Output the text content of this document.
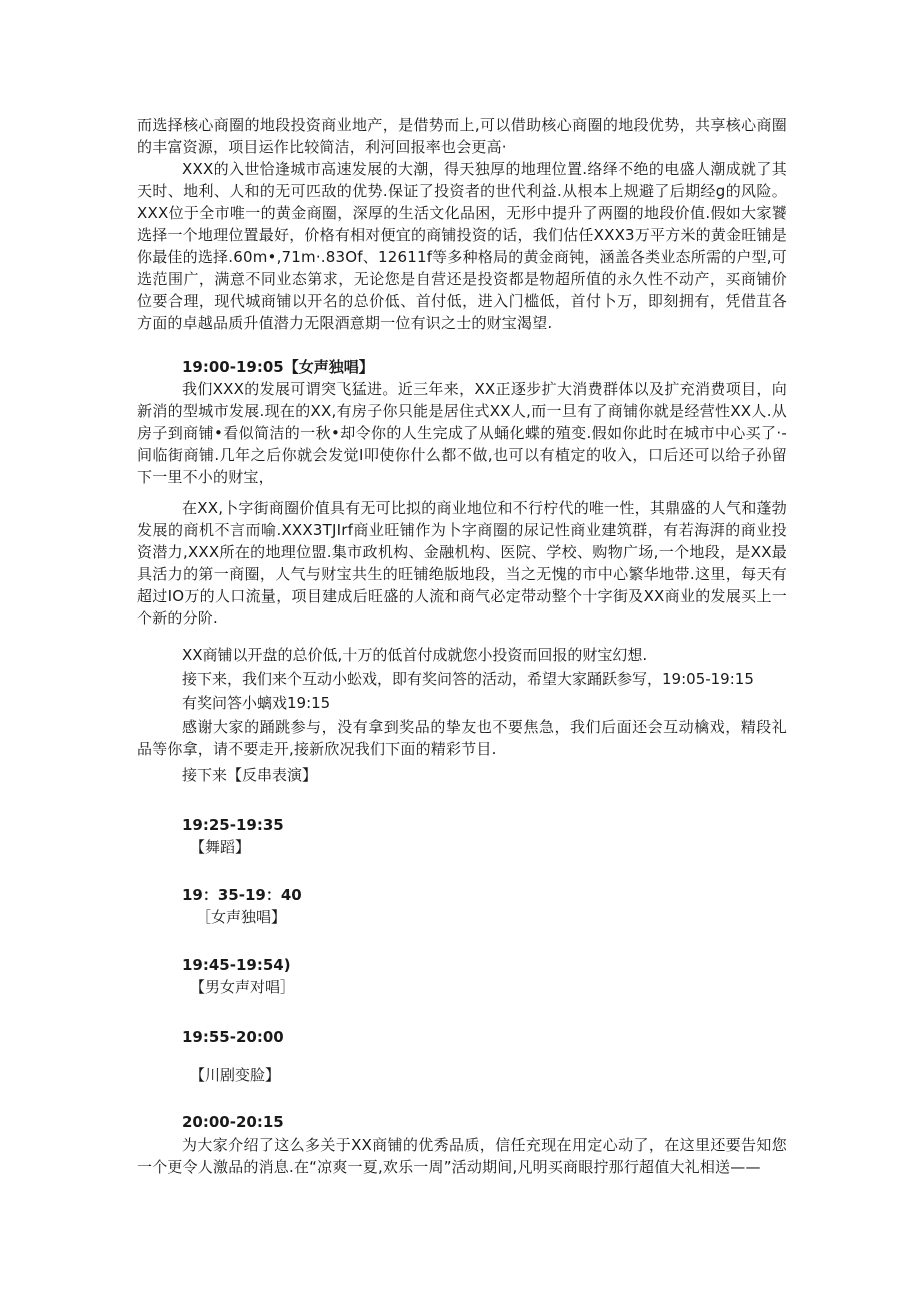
而选择核心商圈的地段投资商业地产，是借势而上,可以借助核心商圈的地段优势，共享核心商圈的丰富资源，项目运作比较简洁，利河回报率也会更高·

XXX的入世恰逢城市高速发展的大潮，得天独厚的地理位置.络绎不绝的电盛人潮成就了其天时、地利、人和的无可匹敌的优势.保证了投资者的世代利益.从根本上规避了后期经g的风险。XXX位于全市唯一的黄金商圈，深厚的生活文化品困，无形中提升了两圈的地段价值.假如大家饕选择一个地理位置最好，价格有相对便宜的商铺投资的话，我们估任XXX3万平方米的黄金旺铺是你最佳的选择.60m•,71m·.83Of、12611f等多种格局的黄金商钝，涵盖各类业态所需的户型,可选范围广，满意不同业态第求，无论您是自营还是投资都是物超所值的永久性不动产，买商铺价位要合理，现代城商铺以开名的总价低、首付低，进入门槛低，首付卜万，即刻拥有，凭借苴各方面的卓越品质升值潜力无限酒意期一位有识之士的财宝渴望.

19:00-19:05【女声独唱】

我们XXX的发展可谓突飞猛进。近三年来，XX正逐步扩大消费群体以及扩充消费项目，向新消的型城市发展.现在的XX,有房子你只能是居住式XX人,而一旦有了商铺你就是经营性XX人.从房子到商铺•看似简洁的一秋•却令你的人生完成了从蛹化蝶的殖变.假如你此时在城市中心买了·-间临街商铺.几年之后你就会发觉I叩使你什么都不做,也可以有植定的收入，口后还可以给子孙留下一里不小的财宝，

在XX,卜字街商圈价值具有无可比拟的商业地位和不行柠代的唯一性，其鼎盛的人气和蓬勃发展的商机不言而喻.XXX3TJIrf商业旺铺作为卜字商圈的尿记性商业建筑群，有若海湃的商业投资潜力,XXX所在的地理位盟.集市政机构、金融机构、医院、学校、购物广场,一个地段，是XX最具活力的第一商圈，人气与财宝共生的旺铺绝版地段，当之无愧的市中心繁华地带.这里，每天有超过IO万的人口流量，项目建成后旺盛的人流和商气必定带动整个十字街及XX商业的发展买上一个新的分阶.

XX商铺以开盘的总价低,十万的低首付成就您小投资而回报的财宝幻想.

接下来，我们来个互动小蚣戏，即有奖问答的活动，希望大家踊跃参写，19:05-19:15

有奖问答小螭戏19:15

感谢大家的踊跳参与，没有拿到奖品的挚友也不要焦急，我们后面还会互动檎戏，精段礼品等你拿，请不要走开,接新欣况我们下面的精彩节目.

接下来【反串表演】

19:25-19:35

【舞蹈】

19：35-19：40

［女声独唱】

19:45-19:54)

【男女声对唱］

19:55-20:00

【川剧变脸】

20:00-20:15

为大家介绍了这么多关于XX商铺的优秀品质，信任充现在用定心动了，在这里还要告知您一个更令人激品的消息.在“凉爽一夏,欢乐一周”活动期间,凡明买商眼拧那行超值大礼相送——
